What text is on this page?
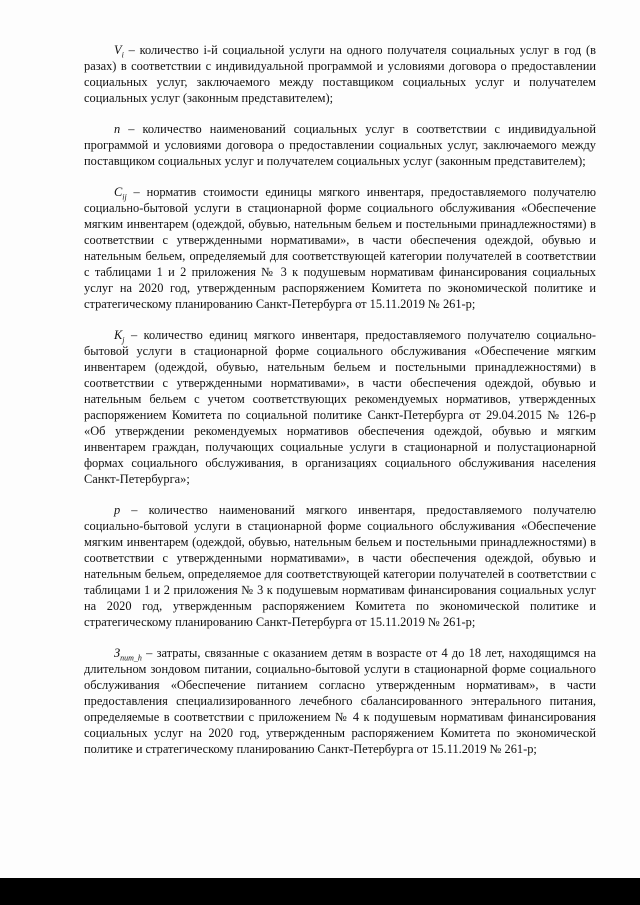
$V_i$ – количество i-й социальной услуги на одного получателя социальных услуг в год (в разах) в соответствии с индивидуальной программой и условиями договора о предоставлении социальных услуг, заключаемого между поставщиком социальных услуг и получателем социальных услуг (законным представителем);

n – количество наименований социальных услуг в соответствии с индивидуальной программой и условиями договора о предоставлении социальных услуг, заключаемого между поставщиком социальных услуг и получателем социальных услуг (законным представителем);

$C_{ij}$ – норматив стоимости единицы мягкого инвентаря, предоставляемого получателю социально-бытовой услуги в стационарной форме социального обслуживания «Обеспечение мягким инвентарем (одеждой, обувью, нательным бельем и постельными принадлежностями) в соответствии с утвержденными нормативами», в части обеспечения одеждой, обувью и нательным бельем, определяемый для соответствующей категории получателей в соответствии с таблицами 1 и 2 приложения № 3 к подушевым нормативам финансирования социальных услуг на 2020 год, утвержденным распоряжением Комитета по экономической политике и стратегическому планированию Санкт-Петербурга от 15.11.2019 № 261-р;

$K_j$ – количество единиц мягкого инвентаря, предоставляемого получателю социально-бытовой услуги в стационарной форме социального обслуживания «Обеспечение мягким инвентарем (одеждой, обувью, нательным бельем и постельными принадлежностями) в соответствии с утвержденными нормативами», в части обеспечения одеждой, обувью и нательным бельем с учетом соответствующих рекомендуемых нормативов, утвержденных распоряжением Комитета по социальной политике Санкт-Петербурга от 29.04.2015 № 126-р «Об утверждении рекомендуемых нормативов обеспечения одеждой, обувью и мягким инвентарем граждан, получающих социальные услуги в стационарной и полустационарной формах социального обслуживания, в организациях социального обслуживания населения Санкт-Петербурга»;

p – количество наименований мягкого инвентаря, предоставляемого получателю социально-бытовой услуги в стационарной форме социального обслуживания «Обеспечение мягким инвентарем (одеждой, обувью, нательным бельем и постельными принадлежностями) в соответствии с утвержденными нормативами», в части обеспечения одеждой, обувью и нательным бельем, определяемое для соответствующей категории получателей в соответствии с таблицами 1 и 2 приложения № 3 к подушевым нормативам финансирования социальных услуг на 2020 год, утвержденным распоряжением Комитета по экономической политике и стратегическому планированию Санкт-Петербурга от 15.11.2019 № 261-р;

$З_{пит\_h}$ – затраты, связанные с оказанием детям в возрасте от 4 до 18 лет, находящимся на длительном зондовом питании, социально-бытовой услуги в стационарной форме социального обслуживания «Обеспечение питанием согласно утвержденным нормативам», в части предоставления специализированного лечебного сбалансированного энтерального питания, определяемые в соответствии с приложением № 4 к подушевым нормативам финансирования социальных услуг на 2020 год, утвержденным распоряжением Комитета по экономической политике и стратегическому планированию Санкт-Петербурга от 15.11.2019 № 261-р;
